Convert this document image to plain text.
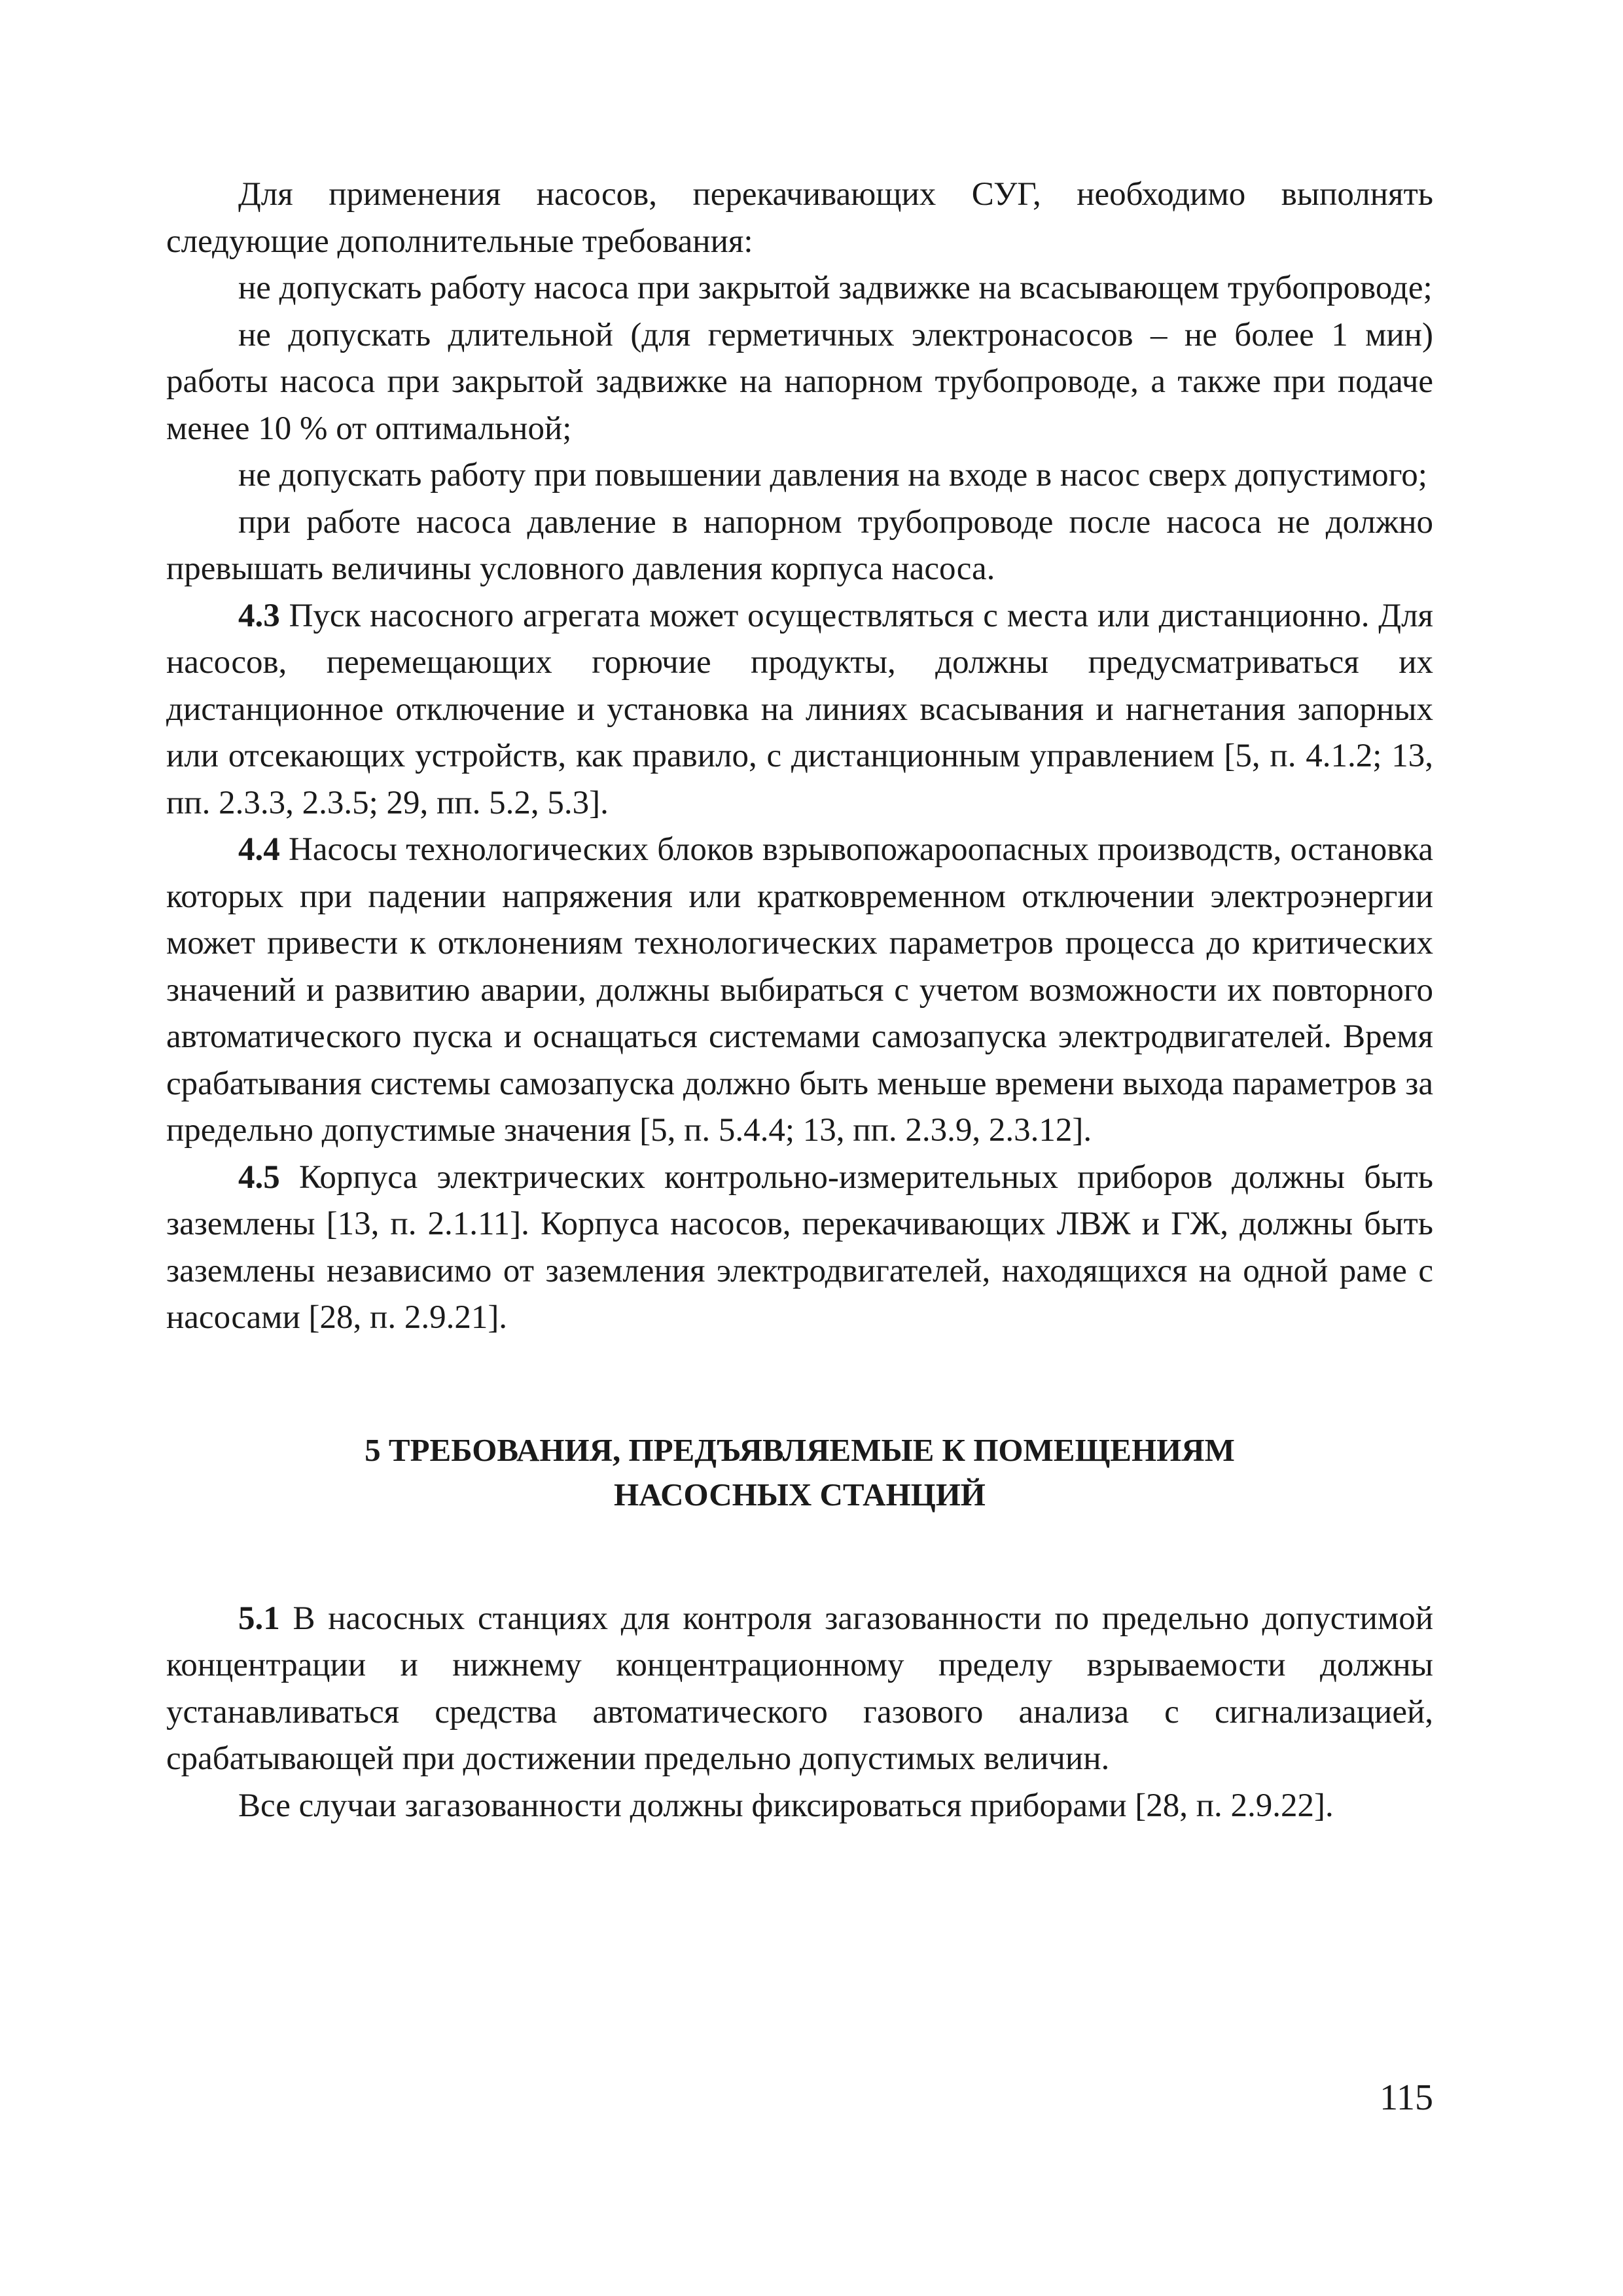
Для применения насосов, перекачивающих СУГ, необходимо выполнять следующие дополнительные требования:

не допускать работу насоса при закрытой задвижке на всасывающем трубопроводе;

не допускать длительной (для герметичных электронасосов – не более 1 мин) работы насоса при закрытой задвижке на напорном трубопроводе, а также при подаче менее 10 % от оптимальной;

не допускать работу при повышении давления на входе в насос сверх допустимого;

при работе насоса давление в напорном трубопроводе после насоса не должно превышать величины условного давления корпуса насоса.

4.3 Пуск насосного агрегата может осуществляться с места или дистанционно. Для насосов, перемещающих горючие продукты, должны предусматриваться их дистанционное отключение и установка на линиях всасывания и нагнетания запорных или отсекающих устройств, как правило, с дистанционным управлением [5, п. 4.1.2; 13, пп. 2.3.3, 2.3.5; 29, пп. 5.2, 5.3].

4.4 Насосы технологических блоков взрывопожароопасных производств, остановка которых при падении напряжения или кратковременном отключении электроэнергии может привести к отклонениям технологических параметров процесса до критических значений и развитию аварии, должны выбираться с учетом возможности их повторного автоматического пуска и оснащаться системами самозапуска электродвигателей. Время срабатывания системы самозапуска должно быть меньше времени выхода параметров за предельно допустимые значения [5, п. 5.4.4; 13, пп. 2.3.9, 2.3.12].

4.5 Корпуса электрических контрольно-измерительных приборов должны быть заземлены [13, п. 2.1.11]. Корпуса насосов, перекачивающих ЛВЖ и ГЖ, должны быть заземлены независимо от заземления электродвигателей, находящихся на одной раме с насосами [28, п. 2.9.21].

5 ТРЕБОВАНИЯ, ПРЕДЪЯВЛЯЕМЫЕ К ПОМЕЩЕНИЯМ
НАСОСНЫХ СТАНЦИЙ

5.1 В насосных станциях для контроля загазованности по предельно допустимой концентрации и нижнему концентрационному пределу взрываемости должны устанавливаться средства автоматического газового анализа с сигнализацией, срабатывающей при достижении предельно допустимых величин.

Все случаи загазованности должны фиксироваться приборами [28, п. 2.9.22].

115
